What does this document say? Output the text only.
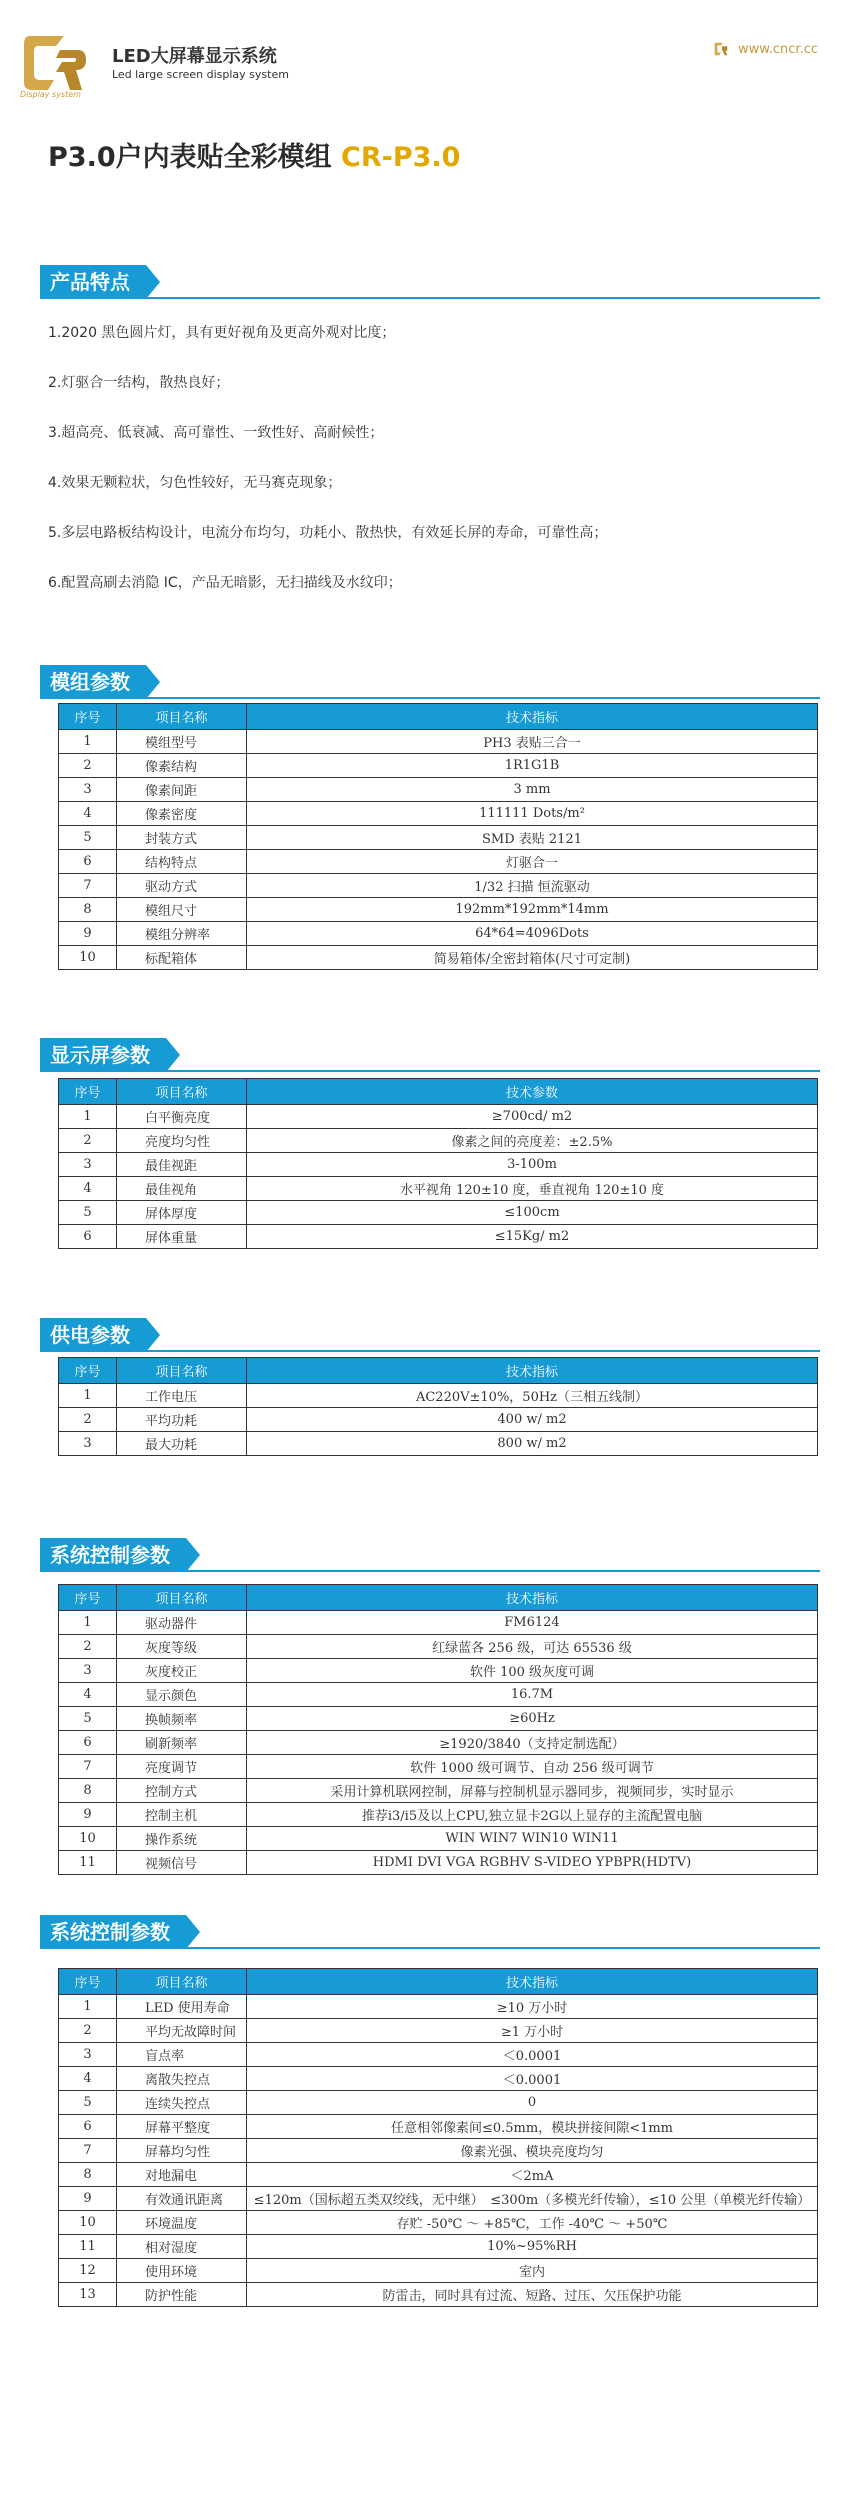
Display system
LED大屏幕显示系统
Led large screen display system
www.cncr.cc
P3.0户内表贴全彩模组 CR-P3.0
产品特点
1.2020 黑色圆片灯，具有更好视角及更高外观对比度；
2.灯驱合一结构，散热良好；
3.超高亮、低衰减、高可靠性、一致性好、高耐候性；
4.效果无颗粒状，匀色性较好，无马赛克现象；
5.多层电路板结构设计，电流分布均匀，功耗小、散热快，有效延长屏的寿命，可靠性高；
6.配置高刷去消隐 IC，产品无暗影，无扫描线及水纹印；
模组参数
序号	项目名称	技术指标
1	模组型号	PH3 表贴三合一
2	像素结构	1R1G1B
3	像素间距	3 mm
4	像素密度	111111 Dots/m²
5	封装方式	SMD 表贴 2121
6	结构特点	灯驱合一
7	驱动方式	1/32 扫描 恒流驱动
8	模组尺寸	192mm*192mm*14mm
9	模组分辨率	64*64=4096Dots
10	标配箱体	简易箱体/全密封箱体(尺寸可定制)
显示屏参数
序号	项目名称	技术参数
1	白平衡亮度	≥700cd/ m2
2	亮度均匀性	像素之间的亮度差：±2.5%
3	最佳视距	3-100m
4	最佳视角	水平视角 120±10 度，垂直视角 120±10 度
5	屏体厚度	≤100cm
6	屏体重量	≤15Kg/ m2
供电参数
序号	项目名称	技术指标
1	工作电压	AC220V±10%，50Hz（三相五线制）
2	平均功耗	400 w/ m2
3	最大功耗	800 w/ m2
系统控制参数
序号	项目名称	技术指标
1	驱动器件	FM6124
2	灰度等级	红绿蓝各 256 级，可达 65536 级
3	灰度校正	软件 100 级灰度可调
4	显示颜色	16.7M
5	换帧频率	≥60Hz
6	刷新频率	≥1920/3840（支持定制选配）
7	亮度调节	软件 1000 级可调节、自动 256 级可调节
8	控制方式	采用计算机联网控制，屏幕与控制机显示器同步，视频同步，实时显示
9	控制主机	推荐i3/i5及以上CPU,独立显卡2G以上显存的主流配置电脑
10	操作系统	WIN WIN7 WIN10 WIN11
11	视频信号	HDMI DVI VGA RGBHV S-VIDEO YPBPR(HDTV)
系统控制参数
序号	项目名称	技术指标
1	LED 使用寿命	≥10 万小时
2	平均无故障时间	≥1 万小时
3	盲点率	＜0.0001
4	离散失控点	＜0.0001
5	连续失控点	0
6	屏幕平整度	任意相邻像素间≤0.5mm，模块拼接间隙<1mm
7	屏幕均匀性	像素光强、模块亮度均匀
8	对地漏电	＜2mA
9	有效通讯距离	≤120m（国标超五类双绞线，无中继）　≤300m（多模光纤传输），≤10 公里（单模光纤传输）
10	环境温度	存贮 -50℃ ～ +85℃，工作 -40℃ ～ +50℃
11	相对湿度	10%~95%RH
12	使用环境	室内
13	防护性能	防雷击，同时具有过流、短路、过压、欠压保护功能
